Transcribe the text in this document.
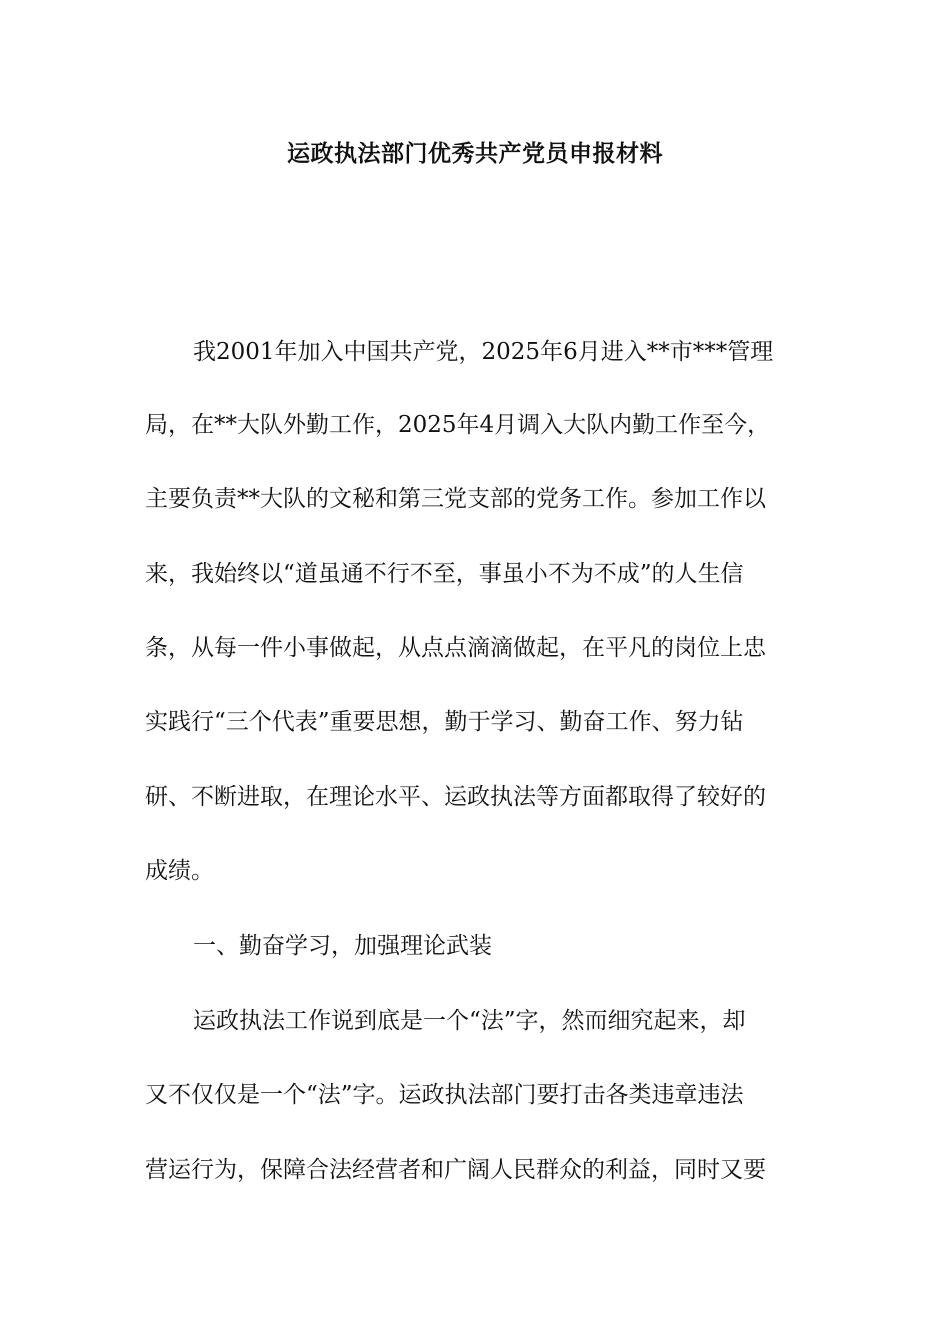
运政执法部门优秀共产党员申报材料
我2001年加入中国共产党，2025年6月进入**市***管理
局，在**大队外勤工作，2025年4月调入大队内勤工作至今，
主要负责**大队的文秘和第三党支部的党务工作。参加工作以
来，我始终以“道虽通不行不至，事虽小不为不成”的人生信
条，从每一件小事做起，从点点滴滴做起，在平凡的岗位上忠
实践行“三个代表”重要思想，勤于学习、勤奋工作、努力钻
研、不断进取，在理论水平、运政执法等方面都取得了较好的
成绩。
一、勤奋学习，加强理论武装
运政执法工作说到底是一个“法”字，然而细究起来，却
又不仅仅是一个“法”字。运政执法部门要打击各类违章违法
营运行为，保障合法经营者和广阔人民群众的利益，同时又要
